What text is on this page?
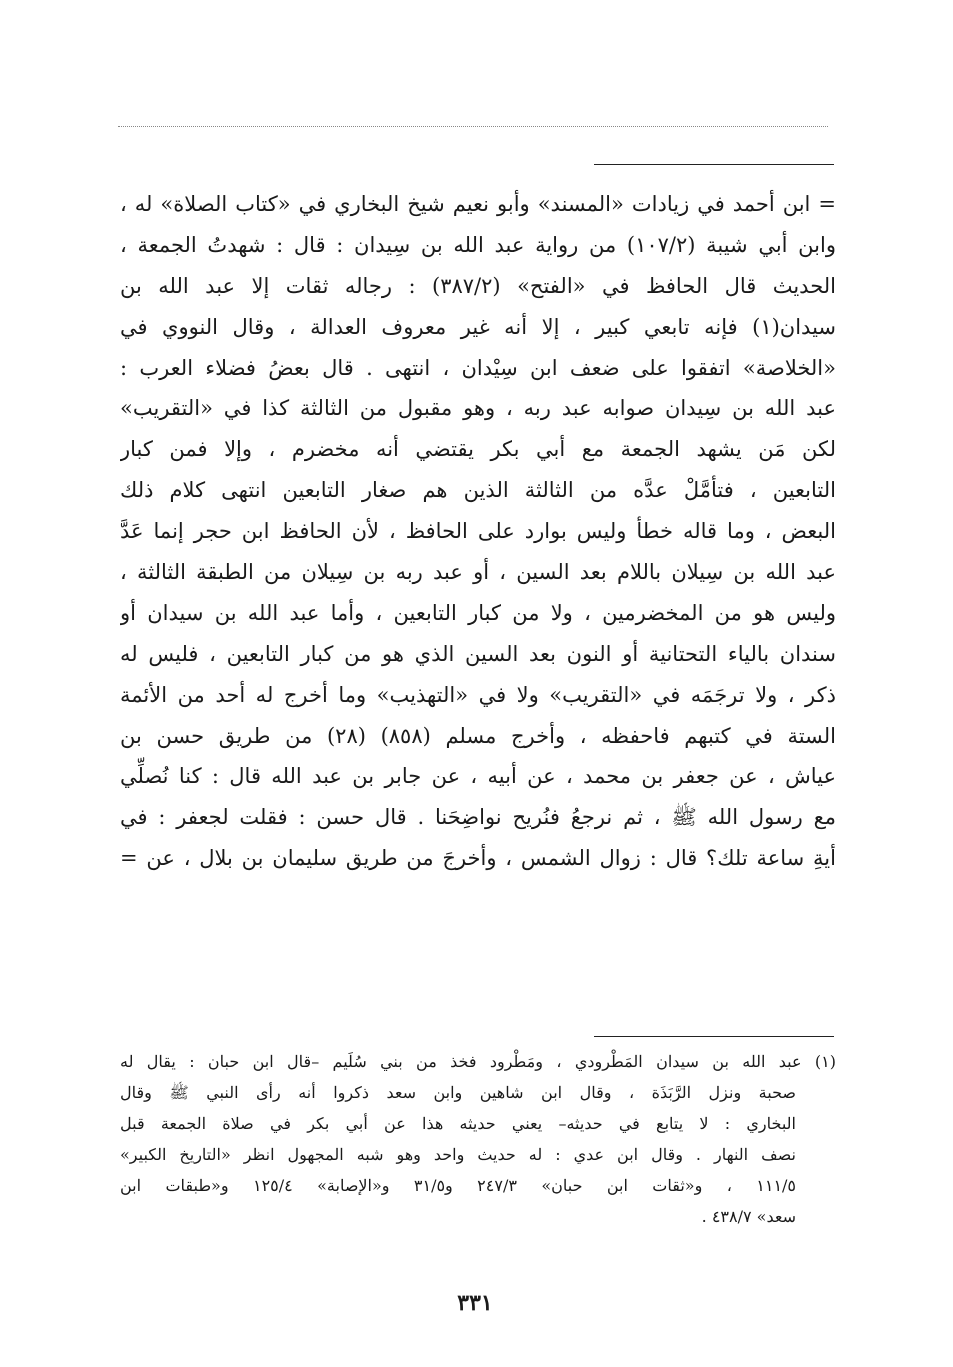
= ابن أحمد في زيادات «المسند» وأبو نعيم شيخ البخاري في «كتاب الصلاة» له ،
وابن أبي شيبة (١٠٧/٢) من رواية عبد الله بن سِيدان : قال : شهدتُ الجمعة ،
الحديث قال الحافظ في «الفتح» (٣٨٧/٢) : رجاله ثقات إلا عبد الله بن
سيدان(١) فإنه تابعي كبير ، إلا أنه غير معروف العدالة ، وقال النووي في
«الخلاصة» اتفقوا على ضعف ابن سِيْدان ، انتهى . قال بعضُ فضلاء العرب :
عبد الله بن سِيدان صوابه عبد ربه ، وهو مقبول من الثالثة كذا في «التقريب»
لكن مَن يشهد الجمعة مع أبي بكر يقتضي أنه مخضرم ، وإلا فمن كبار
التابعين ، فتأمَّلْ عدَّه من الثالثة الذين هم صغار التابعين انتهى كلام ذلك
البعض ، وما قاله خطأ وليس بوارد على الحافظ ، لأن الحافظ ابن حجر إنما عَدَّ
عبد الله بن سِيلان باللام بعد السين ، أو عبد ربه بن سِيلان من الطبقة الثالثة ،
وليس هو من المخضرمين ، ولا من كبار التابعين ، وأما عبد الله بن سيدان أو
سندان بالياء التحتانية أو النون بعد السين الذي هو من كبار التابعين ، فليس له
ذكر ، ولا ترجَمَه في «التقريب» ولا في «التهذيب» وما أخرج له أحد من الأئمة
الستة في كتبهم فاحفظه ، وأخرج مسلم (٨٥٨) (٢٨) من طريق حسن بن
عياش ، عن جعفر بن محمد ، عن أبيه ، عن جابر بن عبد الله قال : كنا نُصلِّي
مع رسول الله ﷺ ، ثم نرجعُ فنُريح نواضِحَنا . قال حسن : فقلت لجعفر : في
أيةِ ساعة تلك؟ قال : زوال الشمس ، وأخرجَ من طريق سليمان بن بلال ، عن =
(١) عبد الله بن سيدان المَطْرودي ، ومَطْرود فخذ من بني سُلَيم –قال ابن حبان : يقال له
صحبة ونزل الرَّبَذَة ، وقال ابن شاهين وابن سعد ذكروا أنه رأى النبي ﷺ وقال
البخاري : لا يتابع في حديثه– يعني حديثه هذا عن أبي بكر في صلاة الجمعة قبل
نصف النهار . وقال ابن عدي : له حديث واحد وهو شبه المجهول انظر «التاريخ الكبير»
١١١/٥ ، و«ثقات ابن حبان» ٢٤٧/٣ و٣١/٥ و«الإصابة» ١٢٥/٤ و«طبقات ابن
سعد» ٤٣٨/٧ .
٣٣١
